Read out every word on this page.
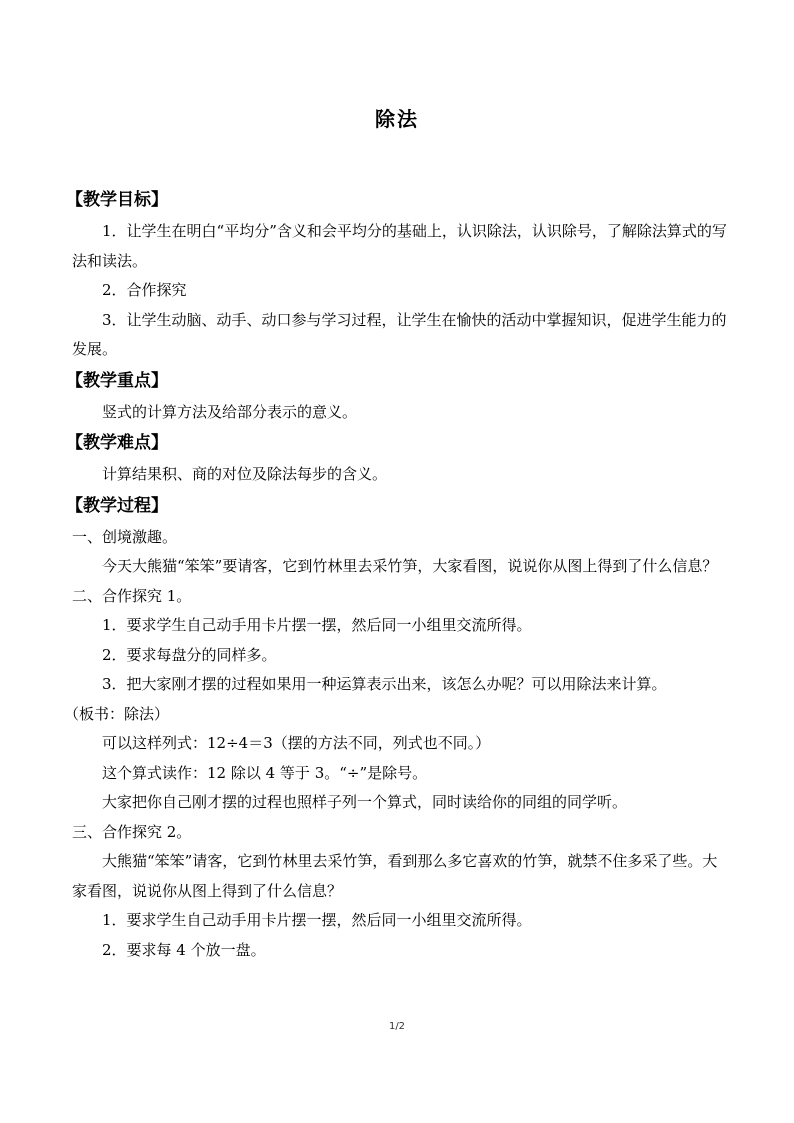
除法
【教学目标】

1．让学生在明白“平均分”含义和会平均分的基础上，认识除法，认识除号，了解除法算式的写法和读法。

2．合作探究

3．让学生动脑、动手、动口参与学习过程，让学生在愉快的活动中掌握知识，促进学生能力的发展。

【教学重点】

竖式的计算方法及给部分表示的意义。

【教学难点】

计算结果积、商的对位及除法每步的含义。

【教学过程】

一、创境激趣。

今天大熊猫“笨笨”要请客，它到竹林里去采竹笋，大家看图，说说你从图上得到了什么信息？

二、合作探究 1。

1．要求学生自己动手用卡片摆一摆，然后同一小组里交流所得。

2．要求每盘分的同样多。

3．把大家刚才摆的过程如果用一种运算表示出来，该怎么办呢？可以用除法来计算。

（板书：除法）

可以这样列式：12÷4＝3（摆的方法不同，列式也不同。）

这个算式读作：12 除以 4 等于 3。“÷”是除号。

大家把你自己刚才摆的过程也照样子列一个算式，同时读给你的同组的同学听。

三、合作探究 2。

大熊猫“笨笨”请客，它到竹林里去采竹笋，看到那么多它喜欢的竹笋，就禁不住多采了些。大家看图，说说你从图上得到了什么信息？

1．要求学生自己动手用卡片摆一摆，然后同一小组里交流所得。

2．要求每 4 个放一盘。

1/2
